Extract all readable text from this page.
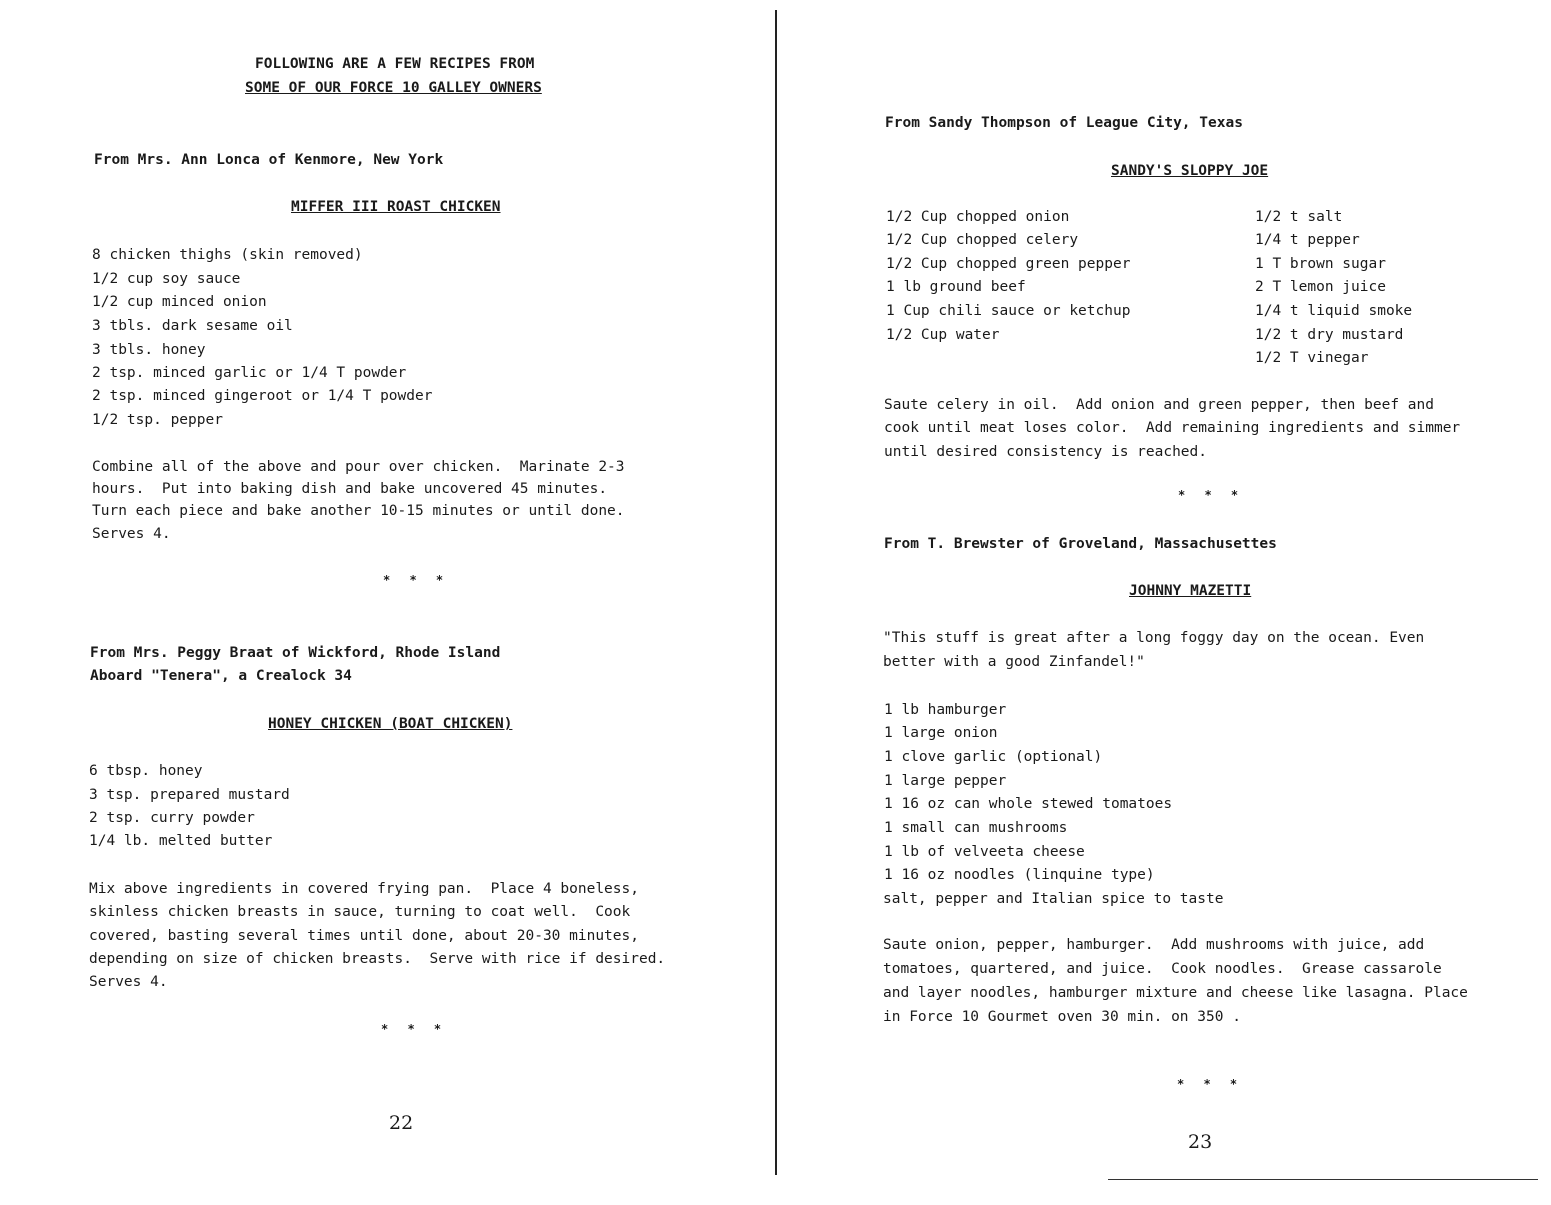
FOLLOWING ARE A FEW RECIPES FROM
SOME OF OUR FORCE 10 GALLEY OWNERS
From Mrs. Ann Lonca of Kenmore, New York
MIFFER III ROAST CHICKEN
8 chicken thighs (skin removed)
1/2 cup soy sauce
1/2 cup minced onion
3 tbls. dark sesame oil
3 tbls. honey
2 tsp. minced garlic or 1/4 T powder
2 tsp. minced gingeroot or 1/4 T powder
1/2 tsp. pepper
Combine all of the above and pour over chicken.  Marinate 2-3
hours.  Put into baking dish and bake uncovered 45 minutes.
Turn each piece and bake another 10-15 minutes or until done.
Serves 4.
* * *
From Mrs. Peggy Braat of Wickford, Rhode Island
Aboard "Tenera", a Crealock 34
HONEY CHICKEN (BOAT CHICKEN)
6 tbsp. honey
3 tsp. prepared mustard
2 tsp. curry powder
1/4 lb. melted butter
Mix above ingredients in covered frying pan.  Place 4 boneless,
skinless chicken breasts in sauce, turning to coat well.  Cook
covered, basting several times until done, about 20-30 minutes,
depending on size of chicken breasts.  Serve with rice if desired.
Serves 4.
* * *
22
From Sandy Thompson of League City, Texas
SANDY'S SLOPPY JOE
1/2 Cup chopped onion
1/2 Cup chopped celery
1/2 Cup chopped green pepper
1 lb ground beef
1 Cup chili sauce or ketchup
1/2 Cup water
1/2 t salt
1/4 t pepper
1 T brown sugar
2 T lemon juice
1/4 t liquid smoke
1/2 t dry mustard
1/2 T vinegar
Saute celery in oil.  Add onion and green pepper, then beef and
cook until meat loses color.  Add remaining ingredients and simmer
until desired consistency is reached.
* * *
From T. Brewster of Groveland, Massachusettes
JOHNNY MAZETTI
"This stuff is great after a long foggy day on the ocean. Even
better with a good Zinfandel!"
1 lb hamburger
1 large onion
1 clove garlic (optional)
1 large pepper
1 16 oz can whole stewed tomatoes
1 small can mushrooms
1 lb of velveeta cheese
1 16 oz noodles (linquine type)
salt, pepper and Italian spice to taste
Saute onion, pepper, hamburger.  Add mushrooms with juice, add
tomatoes, quartered, and juice.  Cook noodles.  Grease cassarole
and layer noodles, hamburger mixture and cheese like lasagna. Place
in Force 10 Gourmet oven 30 min. on 350 .
* * *
23
